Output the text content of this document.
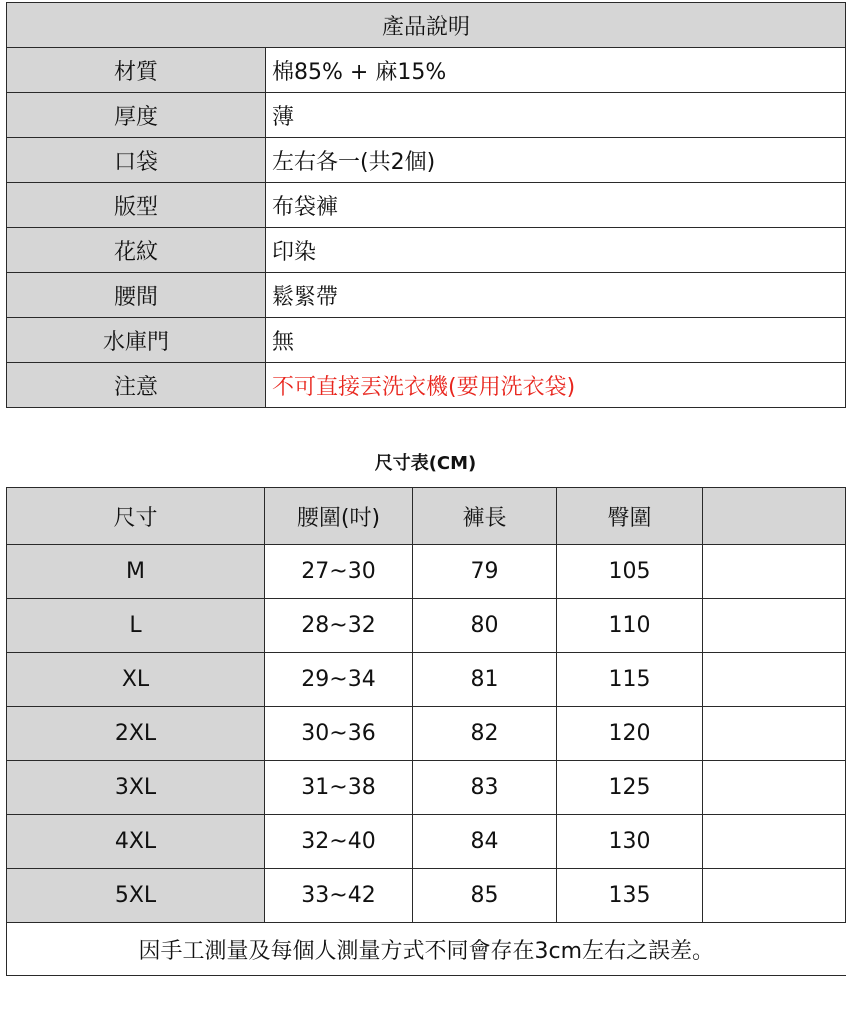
產品說明	
材質	棉85% + 麻15%
厚度	薄
口袋	左右各一(共2個)
版型	布袋褲
花紋	印染
腰間	鬆緊帶
水庫門	無
注意	不可直接丟洗衣機(要用洗衣袋)
尺寸表(CM)
尺寸	腰圍(吋)	褲長	臀圍	
M	27~30	79	105	
L	28~32	80	110	
XL	29~34	81	115	
2XL	30~36	82	120	
3XL	31~38	83	125	
4XL	32~40	84	130	
5XL	33~42	85	135	
因手工測量及每個人測量方式不同會存在3cm左右之誤差。				
